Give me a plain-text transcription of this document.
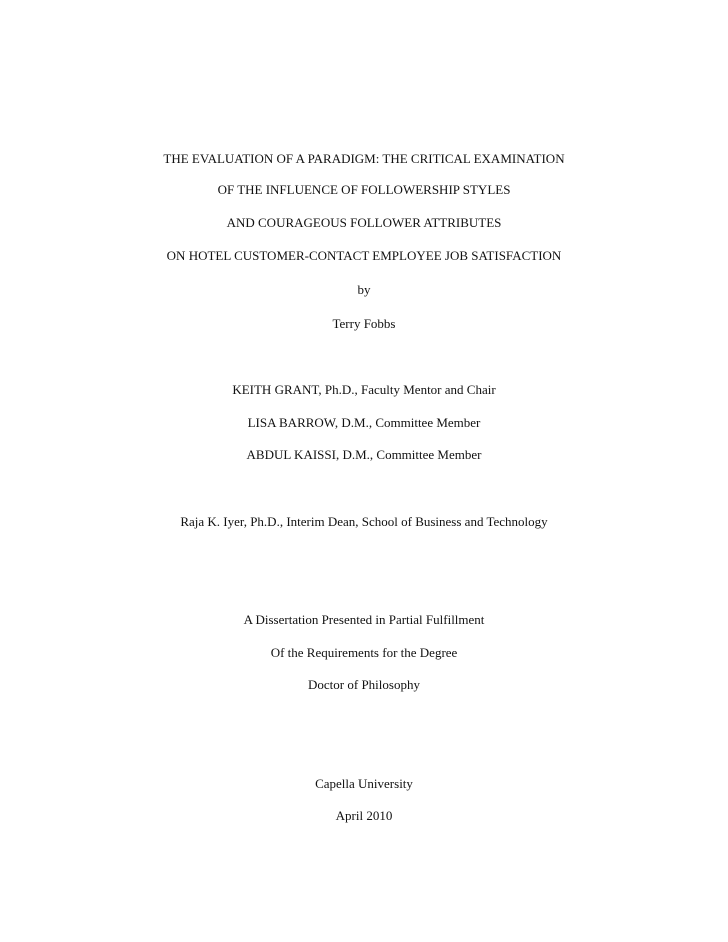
THE EVALUATION OF A PARADIGM: THE CRITICAL EXAMINATION
OF THE INFLUENCE OF FOLLOWERSHIP STYLES
AND COURAGEOUS FOLLOWER ATTRIBUTES
ON HOTEL CUSTOMER-CONTACT EMPLOYEE JOB SATISFACTION
by
Terry Fobbs
KEITH GRANT, Ph.D., Faculty Mentor and Chair
LISA BARROW, D.M., Committee Member
ABDUL KAISSI, D.M., Committee Member
Raja K. Iyer, Ph.D., Interim Dean, School of Business and Technology
A Dissertation Presented in Partial Fulfillment
Of the Requirements for the Degree
Doctor of Philosophy
Capella University
April 2010
